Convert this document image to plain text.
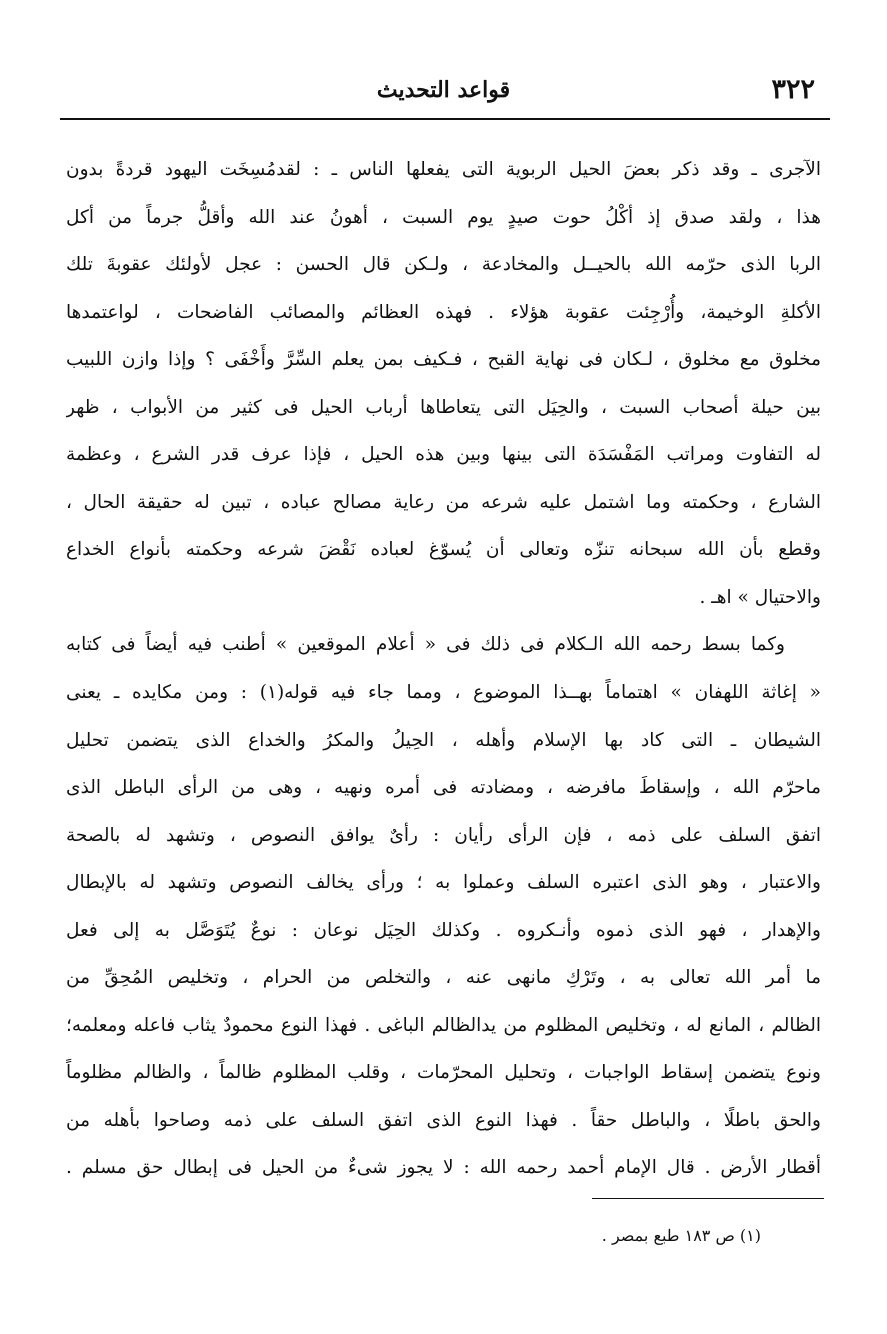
٣٢٢
قواعد التحديث
الآجرى ـ وقد ذكر بعضَ الحيل الربوية التى يفعلها الناس ـ : لقدمُسِخَت اليهود قردةً بدون
هذا ، ولقد صدق إذ أكْلُ حوت صيدٍ يوم السبت ، أهونُ عند الله وأقلُّ جرماً من أكل
الربا الذى حرّمه الله بالحيــل والمخادعة ، ولـكن قال الحسن : عجل لأولئك عقوبةَ تلك
الأكلةِ الوخيمة، وأُرْجِئت عقوبة هؤلاء . فهذه العظائم والمصائب الفاضحات ، لواعتمدها
مخلوق مع مخلوق ، لـكان فى نهاية القبح ، فـكيف بمن يعلم السِّرَّ وأَخْفَى ؟ وإذا وازن اللبيب
بين حيلة أصحاب السبت ، والحِيَل التى يتعاطاها أرباب الحيل فى كثير من الأبواب ، ظهر
له التفاوت ومراتب المَفْسَدَة التى بينها وبين هذه الحيل ، فإذا عرف قدر الشرع ، وعظمة
الشارع ، وحكمته وما اشتمل عليه شرعه من رعاية مصالح عباده ، تبين له حقيقة الحال ،
وقطع بأن الله سبحانه تنزّه وتعالى أن يُسوّغ لعباده نَقْضَ شرعه وحكمته بأنواع الخداع
والاحتيال » اهـ .
وكما بسط رحمه الله الـكلام فى ذلك فى « أعلام الموقعين » أطنب فيه أيضاً فى كتابه
« إغاثة اللهفان » اهتماماً بهــذا الموضوع ، ومما جاء فيه قوله(١) : ومن مكايده ـ يعنى
الشيطان ـ التى كاد بها الإسلام وأهله ، الحِيلُ والمكرُ والخداع الذى يتضمن تحليل
ماحرّم الله ، وإسقاطَ مافرضه ، ومضادته فى أمره ونهيه ، وهى من الرأى الباطل الذى
اتفق السلف على ذمه ، فإن الرأى رأيان : رأىٌ يوافق النصوص ، وتشهد له بالصحة
والاعتبار ، وهو الذى اعتبره السلف وعملوا به ؛ ورأى يخالف النصوص وتشهد له بالإبطال
والإهدار ، فهو الذى ذموه وأنـكروه . وكذلك الحِيَل نوعان : نوعٌ يُتَوَصَّل به إلى فعل
ما أمر الله تعالى به ، وتَرْكِ مانهى عنه ، والتخلص من الحرام ، وتخليص المُحِقِّ من
الظالم ، المانع له ، وتخليص المظلوم من يدالظالم الباغى . فهذا النوع محمودٌ يثاب فاعله ومعلمه؛
ونوع يتضمن إسقاط الواجبات ، وتحليل المحرّمات ، وقلب المظلوم ظالماً ، والظالم مظلوماً
والحق باطلًا ، والباطل حقاً . فهذا النوع الذى اتفق السلف على ذمه وصاحوا بأهله من
أقطار الأرض . قال الإمام أحمد رحمه الله : لا يجوز شىءٌ من الحيل فى إبطال حق مسلم .
(١) ص ١٨٣ طبع بمصر .
